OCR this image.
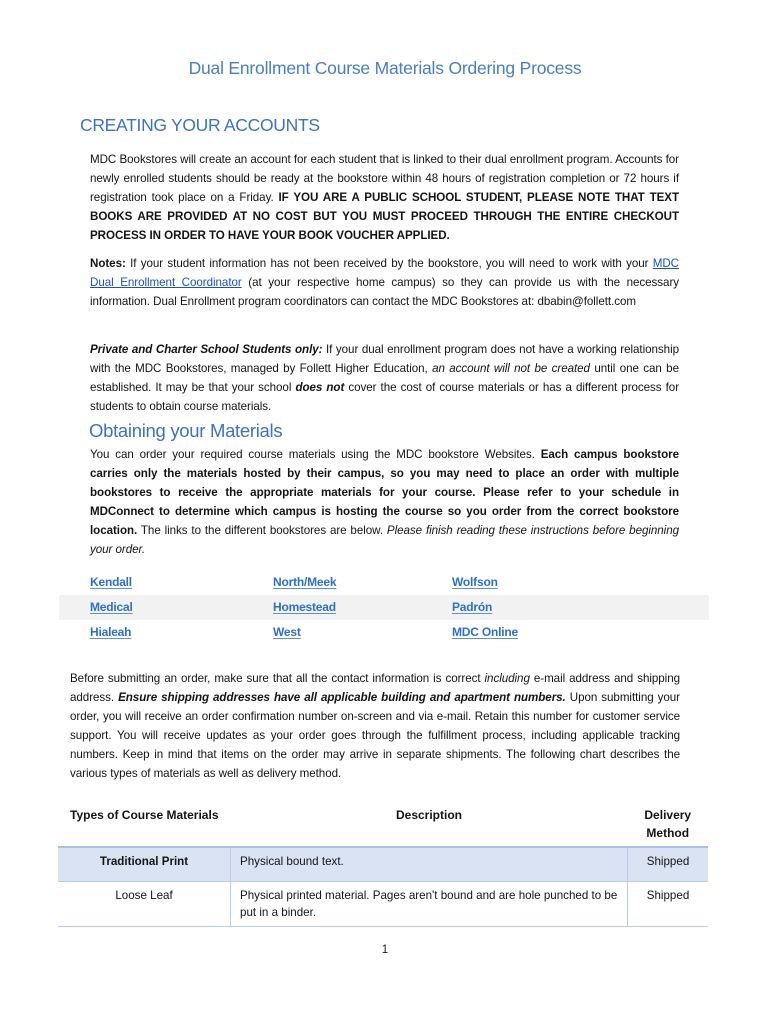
Dual Enrollment Course Materials Ordering Process
CREATING YOUR ACCOUNTS
MDC Bookstores will create an account for each student that is linked to their dual enrollment program. Accounts for newly enrolled students should be ready at the bookstore within 48 hours of registration completion or 72 hours if registration took place on a Friday. IF YOU ARE A PUBLIC SCHOOL STUDENT, PLEASE NOTE THAT TEXT BOOKS ARE PROVIDED AT NO COST BUT YOU MUST PROCEED THROUGH THE ENTIRE CHECKOUT PROCESS IN ORDER TO HAVE YOUR BOOK VOUCHER APPLIED.
Notes: If your student information has not been received by the bookstore, you will need to work with your MDC Dual Enrollment Coordinator (at your respective home campus) so they can provide us with the necessary information. Dual Enrollment program coordinators can contact the MDC Bookstores at: dbabin@follett.com
Private and Charter School Students only: If your dual enrollment program does not have a working relationship with the MDC Bookstores, managed by Follett Higher Education, an account will not be created until one can be established. It may be that your school does not cover the cost of course materials or has a different process for students to obtain course materials.
Obtaining your Materials
You can order your required course materials using the MDC bookstore Websites. Each campus bookstore carries only the materials hosted by their campus, so you may need to place an order with multiple bookstores to receive the appropriate materials for your course. Please refer to your schedule in MDConnect to determine which campus is hosting the course so you order from the correct bookstore location. The links to the different bookstores are below. Please finish reading these instructions before beginning your order.
Kendall	North/Meek	Wolfson
Medical	Homestead	Padrón
Hialeah	West	MDC Online
Before submitting an order, make sure that all the contact information is correct including e-mail address and shipping address. Ensure shipping addresses have all applicable building and apartment numbers. Upon submitting your order, you will receive an order confirmation number on-screen and via e-mail. Retain this number for customer service support. You will receive updates as your order goes through the fulfillment process, including applicable tracking numbers. Keep in mind that items on the order may arrive in separate shipments. The following chart describes the various types of materials as well as delivery method.
Types of Course Materials	Description	Delivery Method
Traditional Print	Physical bound text.	Shipped
Loose Leaf	Physical printed material. Pages aren't bound and are hole punched to be put in a binder.	Shipped
1
